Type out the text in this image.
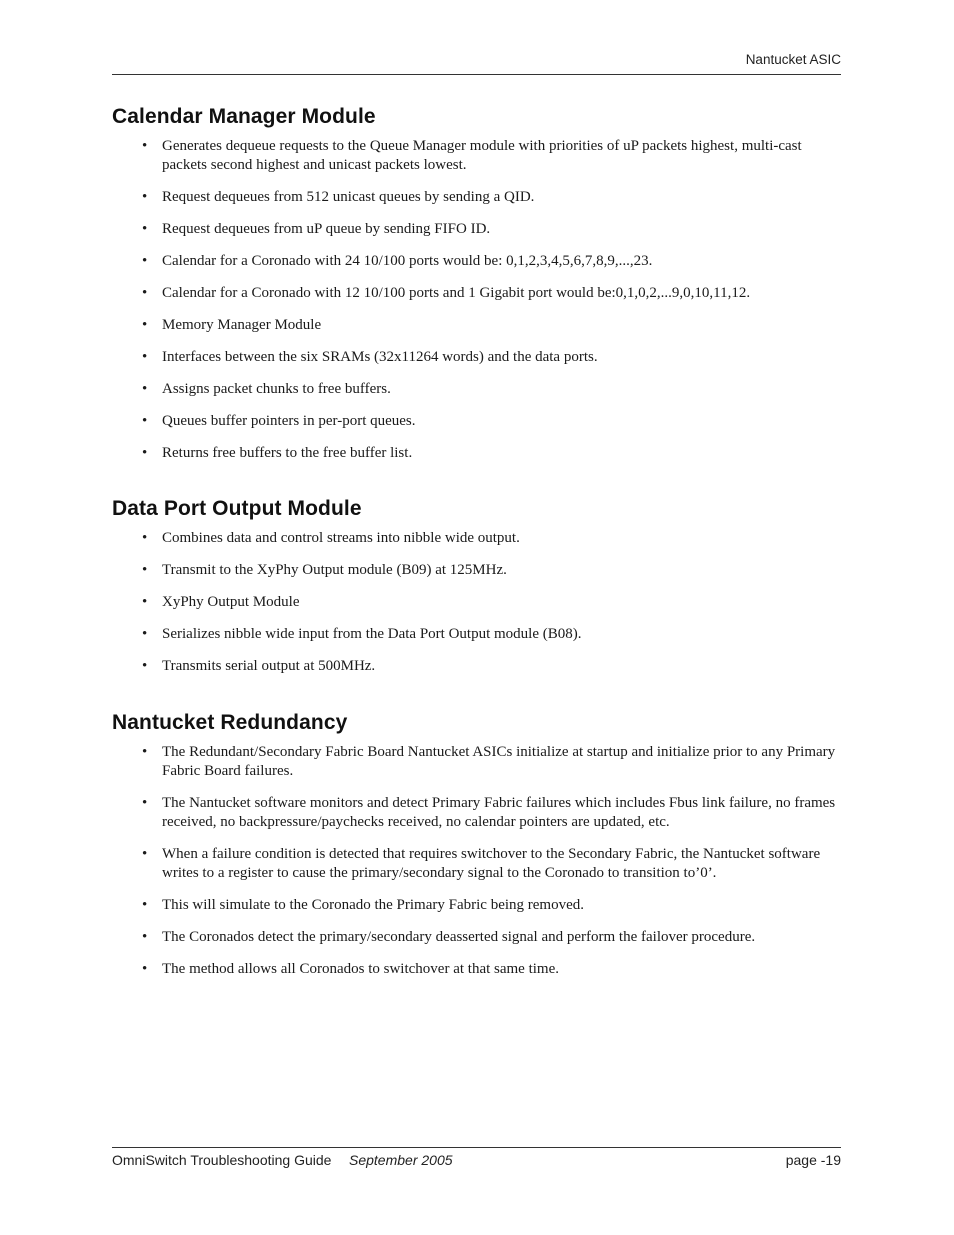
Nantucket ASIC
Calendar Manager Module
• Generates dequeue requests to the Queue Manager module with priorities of uP packets highest, multi-cast packets second highest and unicast packets lowest.
• Request dequeues from 512 unicast queues by sending a QID.
• Request dequeues from uP queue by sending FIFO ID.
• Calendar for a Coronado with 24 10/100 ports would be: 0,1,2,3,4,5,6,7,8,9,...,23.
• Calendar for a Coronado with 12 10/100 ports and 1 Gigabit port would be:0,1,0,2,...9,0,10,11,12.
• Memory Manager Module
• Interfaces between the six SRAMs (32x11264 words) and the data ports.
• Assigns packet chunks to free buffers.
• Queues buffer pointers in per-port queues.
• Returns free buffers to the free buffer list.
Data Port Output Module
• Combines data and control streams into nibble wide output.
• Transmit to the XyPhy Output module (B09) at 125MHz.
• XyPhy Output Module
• Serializes nibble wide input from the Data Port Output module (B08).
• Transmits serial output at 500MHz.
Nantucket Redundancy
• The Redundant/Secondary Fabric Board Nantucket ASICs initialize at startup and initialize prior to any Primary Fabric Board failures.
• The Nantucket software monitors and detect Primary Fabric failures which includes Fbus link failure, no frames received, no backpressure/paychecks received, no calendar pointers are updated, etc.
• When a failure condition is detected that requires switchover to the Secondary Fabric, the Nantucket software writes to a register to cause the primary/secondary signal to the Coronado to transition to’0’.
• This will simulate to the Coronado the Primary Fabric being removed.
• The Coronados detect the primary/secondary deasserted signal and perform the failover procedure.
• The method allows all Coronados to switchover at that same time.
OmniSwitch Troubleshooting Guide September 2005	page -19
